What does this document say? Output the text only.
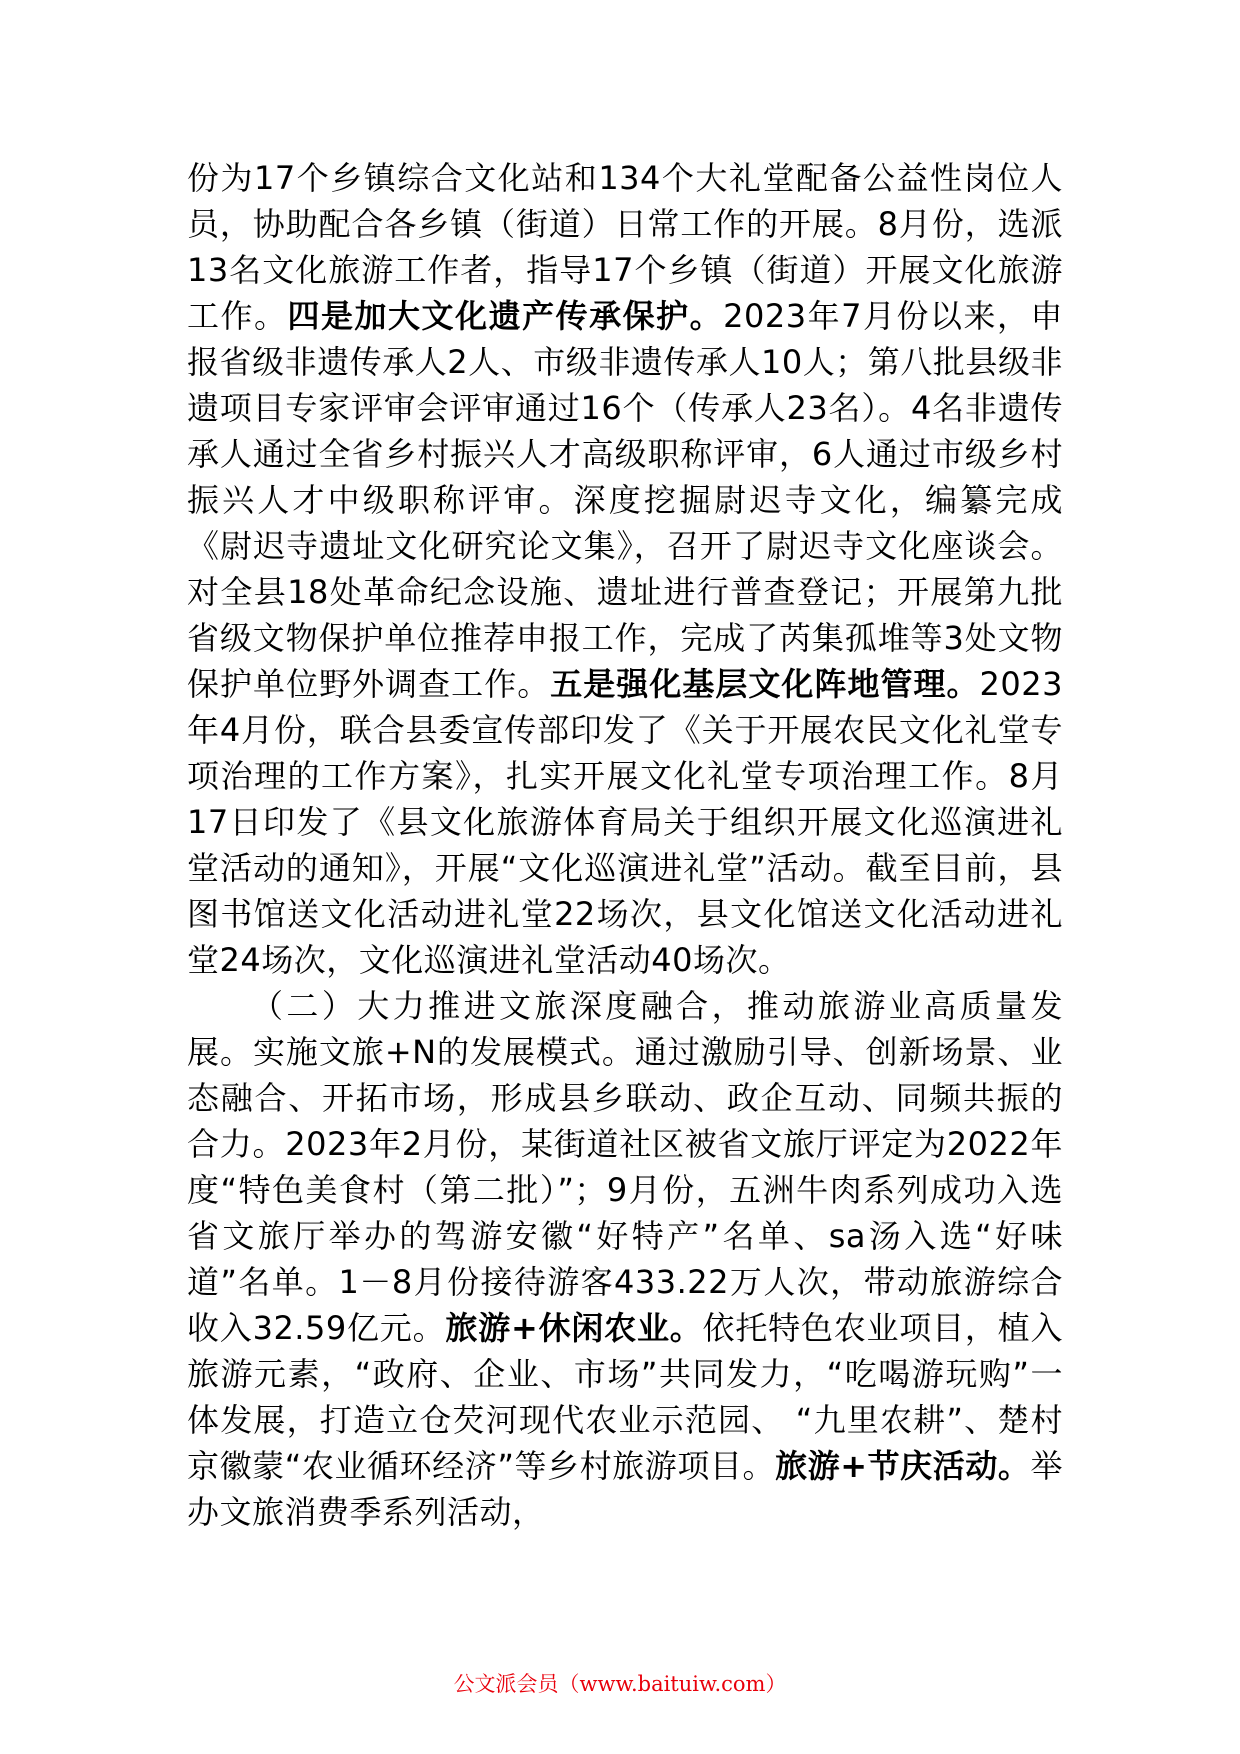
份为17个乡镇综合文化站和134个大礼堂配备公益性岗位人员，协助配合各乡镇（街道）日常工作的开展。8月份，选派13名文化旅游工作者，指导17个乡镇（街道）开展文化旅游工作。四是加大文化遗产传承保护。2023年7月份以来，申报省级非遗传承人2人、市级非遗传承人10人；第八批县级非遗项目专家评审会评审通过16个（传承人23名）。4名非遗传承人通过全省乡村振兴人才高级职称评审，6人通过市级乡村振兴人才中级职称评审。深度挖掘尉迟寺文化，编纂完成《尉迟寺遗址文化研究论文集》，召开了尉迟寺文化座谈会。对全县18处革命纪念设施、遗址进行普查登记；开展第九批省级文物保护单位推荐申报工作，完成了芮集孤堆等3处文物保护单位野外调查工作。五是强化基层文化阵地管理。2023年4月份，联合县委宣传部印发了《关于开展农民文化礼堂专项治理的工作方案》，扎实开展文化礼堂专项治理工作。8月17日印发了《县文化旅游体育局关于组织开展文化巡演进礼堂活动的通知》，开展“文化巡演进礼堂”活动。截至目前，县图书馆送文化活动进礼堂22场次，县文化馆送文化活动进礼堂24场次，文化巡演进礼堂活动40场次。

（二）大力推进文旅深度融合，推动旅游业高质量发展。实施文旅+N的发展模式。通过激励引导、创新场景、业态融合、开拓市场，形成县乡联动、政企互动、同频共振的合力。2023年2月份，某街道社区被省文旅厅评定为2022年度“特色美食村（第二批）”；9月份，五洲牛肉系列成功入选省文旅厅举办的驾游安徽“好特产”名单、sa汤入选“好味道”名单。1－8月份接待游客433.22万人次，带动旅游综合收入32.59亿元。旅游+休闲农业。依托特色农业项目，植入旅游元素，“政府、企业、市场”共同发力，“吃喝游玩购”一体发展，打造立仓芡河现代农业示范园、 “九里农耕”、楚村京徽蒙“农业循环经济”等乡村旅游项目。旅游+节庆活动。举办文旅消费季系列活动，

公文派会员（www.baituiw.com）
